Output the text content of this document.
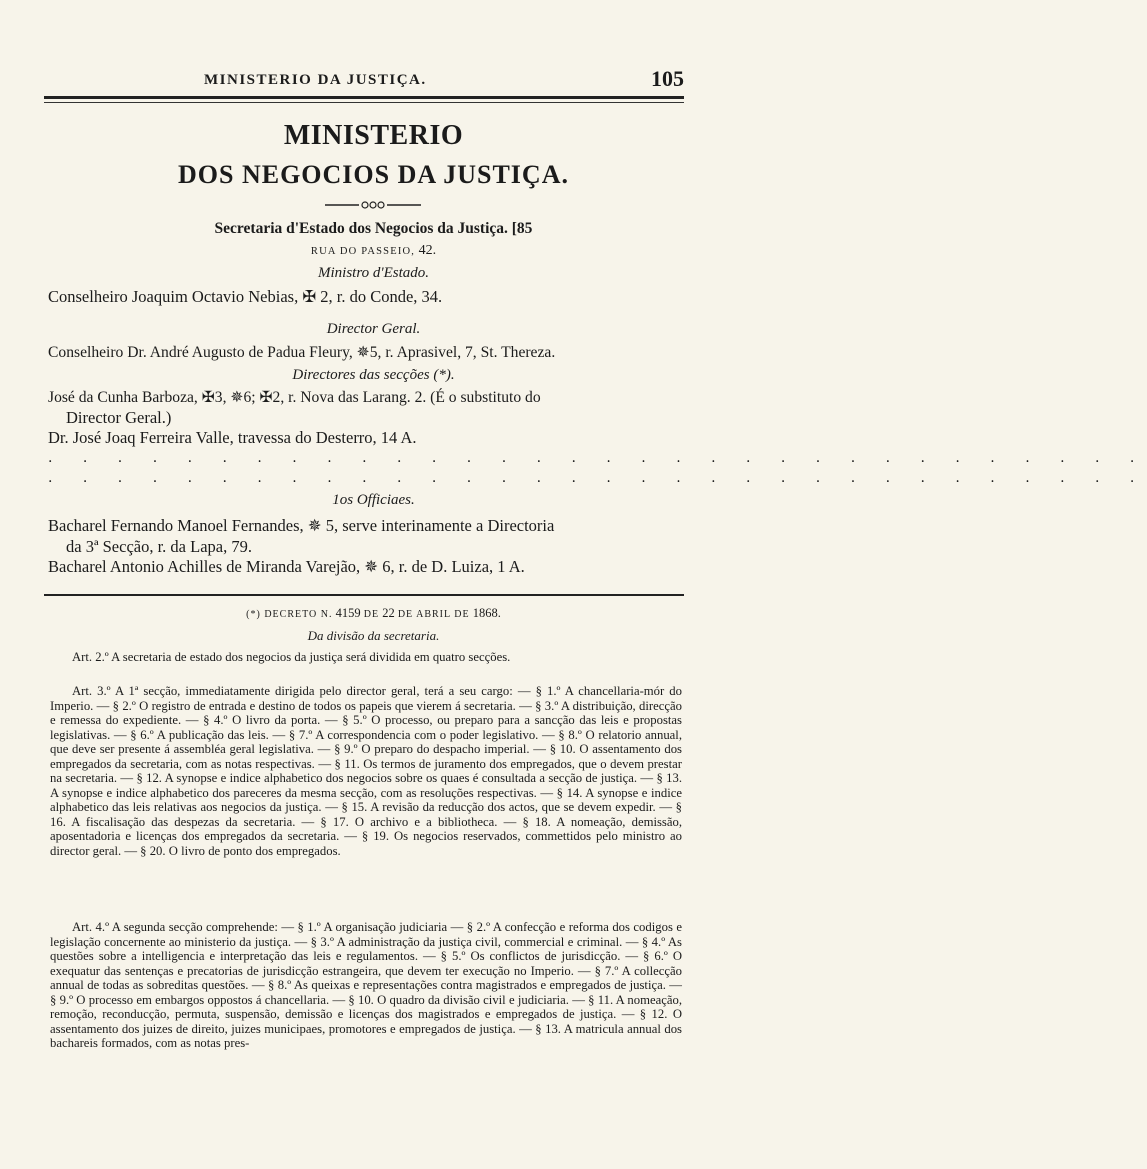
MINISTERIO DA JUSTIÇA.	105
MINISTERIO
DOS NEGOCIOS DA JUSTIÇA.
Secretaria d'Estado dos Negocios da Justiça. [85
RUA DO PASSEIO, 42.
Ministro d'Estado.
Conselheiro Joaquim Octavio Nebias, ✠ 2, r. do Conde, 34.
Director Geral.
Conselheiro Dr. André Augusto de Padua Fleury, ✵5, r. Aprasivel, 7, St. Thereza.
Directores das secções (*).
José da Cunha Barboza, ✠3, ✵6; ✠2, r. Nova das Larang. 2. (É o substituto do
Director Geral.)
Dr. José Joaq Ferreira Valle, travessa do Desterro, 14 A.
. . . . . . . . . . . . . . . . . . . . . . . . . . . . . . . .
. . . . . . . . . . . . . . . . . . . . . . . . . . . . . . . .
1os Officiaes.
Bacharel Fernando Manoel Fernandes, ✵ 5, serve interinamente a Directoria
da 3ª Secção, r. da Lapa, 79.
Bacharel Antonio Achilles de Miranda Varejão, ✵ 6, r. de D. Luiza, 1 A.
(*) DECRETO N. 4159 DE 22 DE ABRIL DE 1868.
Da divisão da secretaria.
Art. 2.º A secretaria de estado dos negocios da justiça será dividida em quatro secções.
Art. 3.º A 1ª secção, immediatamente dirigida pelo director geral, terá a seu cargo: — § 1.º A chancellaria-mór do Imperio. — § 2.º O registro de entrada e destino de todos os papeis que vierem á secretaria. — § 3.º A distribuição, direcção e remessa do expediente. — § 4.º O livro da porta. — § 5.º O processo, ou preparo para a sancção das leis e propostas legislativas. — § 6.º A publicação das leis. — § 7.º A correspondencia com o poder legislativo. — § 8.º O relatorio annual, que deve ser presente á assembléa geral legislativa. — § 9.º O preparo do despacho imperial. — § 10. O assentamento dos empregados da secretaria, com as notas respectivas. — § 11. Os termos de juramento dos empregados, que o devem prestar na secretaria. — § 12. A synopse e indice alphabetico dos negocios sobre os quaes é consultada a secção de justiça. — § 13. A synopse e indice alphabetico dos pareceres da mesma secção, com as resoluções respectivas. — § 14. A synopse e indice alphabetico das leis relativas aos negocios da justiça. — § 15. A revisão da reducção dos actos, que se devem expedir. — § 16. A fiscalisação das despezas da secretaria. — § 17. O archivo e a bibliotheca. — § 18. A nomeação, demissão, aposentadoria e licenças dos empregados da secretaria. — § 19. Os negocios reservados, commettidos pelo ministro ao director geral. — § 20. O livro de ponto dos empregados.
Art. 4.º A segunda secção comprehende: — § 1.º A organisação judiciaria — § 2.º A confecção e reforma dos codigos e legislação concernente ao ministerio da justiça. — § 3.º A administração da justiça civil, commercial e criminal. — § 4.º As questões sobre a intelligencia e interpretação das leis e regulamentos. — § 5.º Os conflictos de jurisdicção. — § 6.º O exequatur das sentenças e precatorias de jurisdicção estrangeira, que devem ter execução no Imperio. — § 7.º A collecção annual de todas as sobreditas questões. — § 8.º As queixas e representações contra magistrados e empregados de justiça. — § 9.º O processo em embargos oppostos á chancellaria. — § 10. O quadro da divisão civil e judiciaria. — § 11. A nomeação, remoção, reconducção, permuta, suspensão, demissão e licenças dos magistrados e empregados de justiça. — § 12. O assentamento dos juizes de direito, juizes municipaes, promotores e empregados de justiça. — § 13. A matricula annual dos bachareis formados, com as notas pres-
